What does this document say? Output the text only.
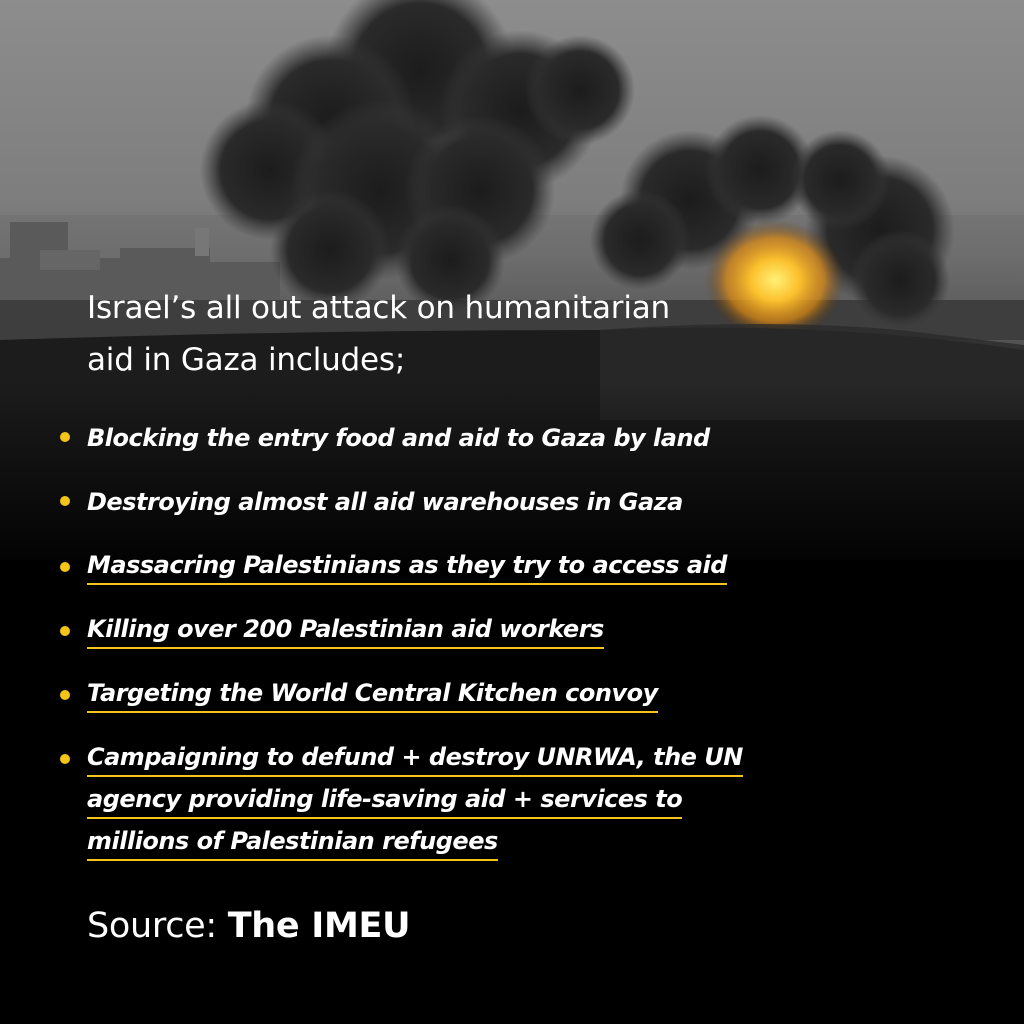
Israel’s all out attack on humanitarian
aid in Gaza includes;
Blocking the entry food and aid to Gaza by land
Destroying almost all aid warehouses in Gaza
Massacring Palestinians as they try to access aid
Killing over 200 Palestinian aid workers
Targeting the World Central Kitchen convoy
Campaigning to defund + destroy UNRWA, the UN
agency providing life-saving aid + services to
millions of Palestinian refugees
Source: The IMEU
